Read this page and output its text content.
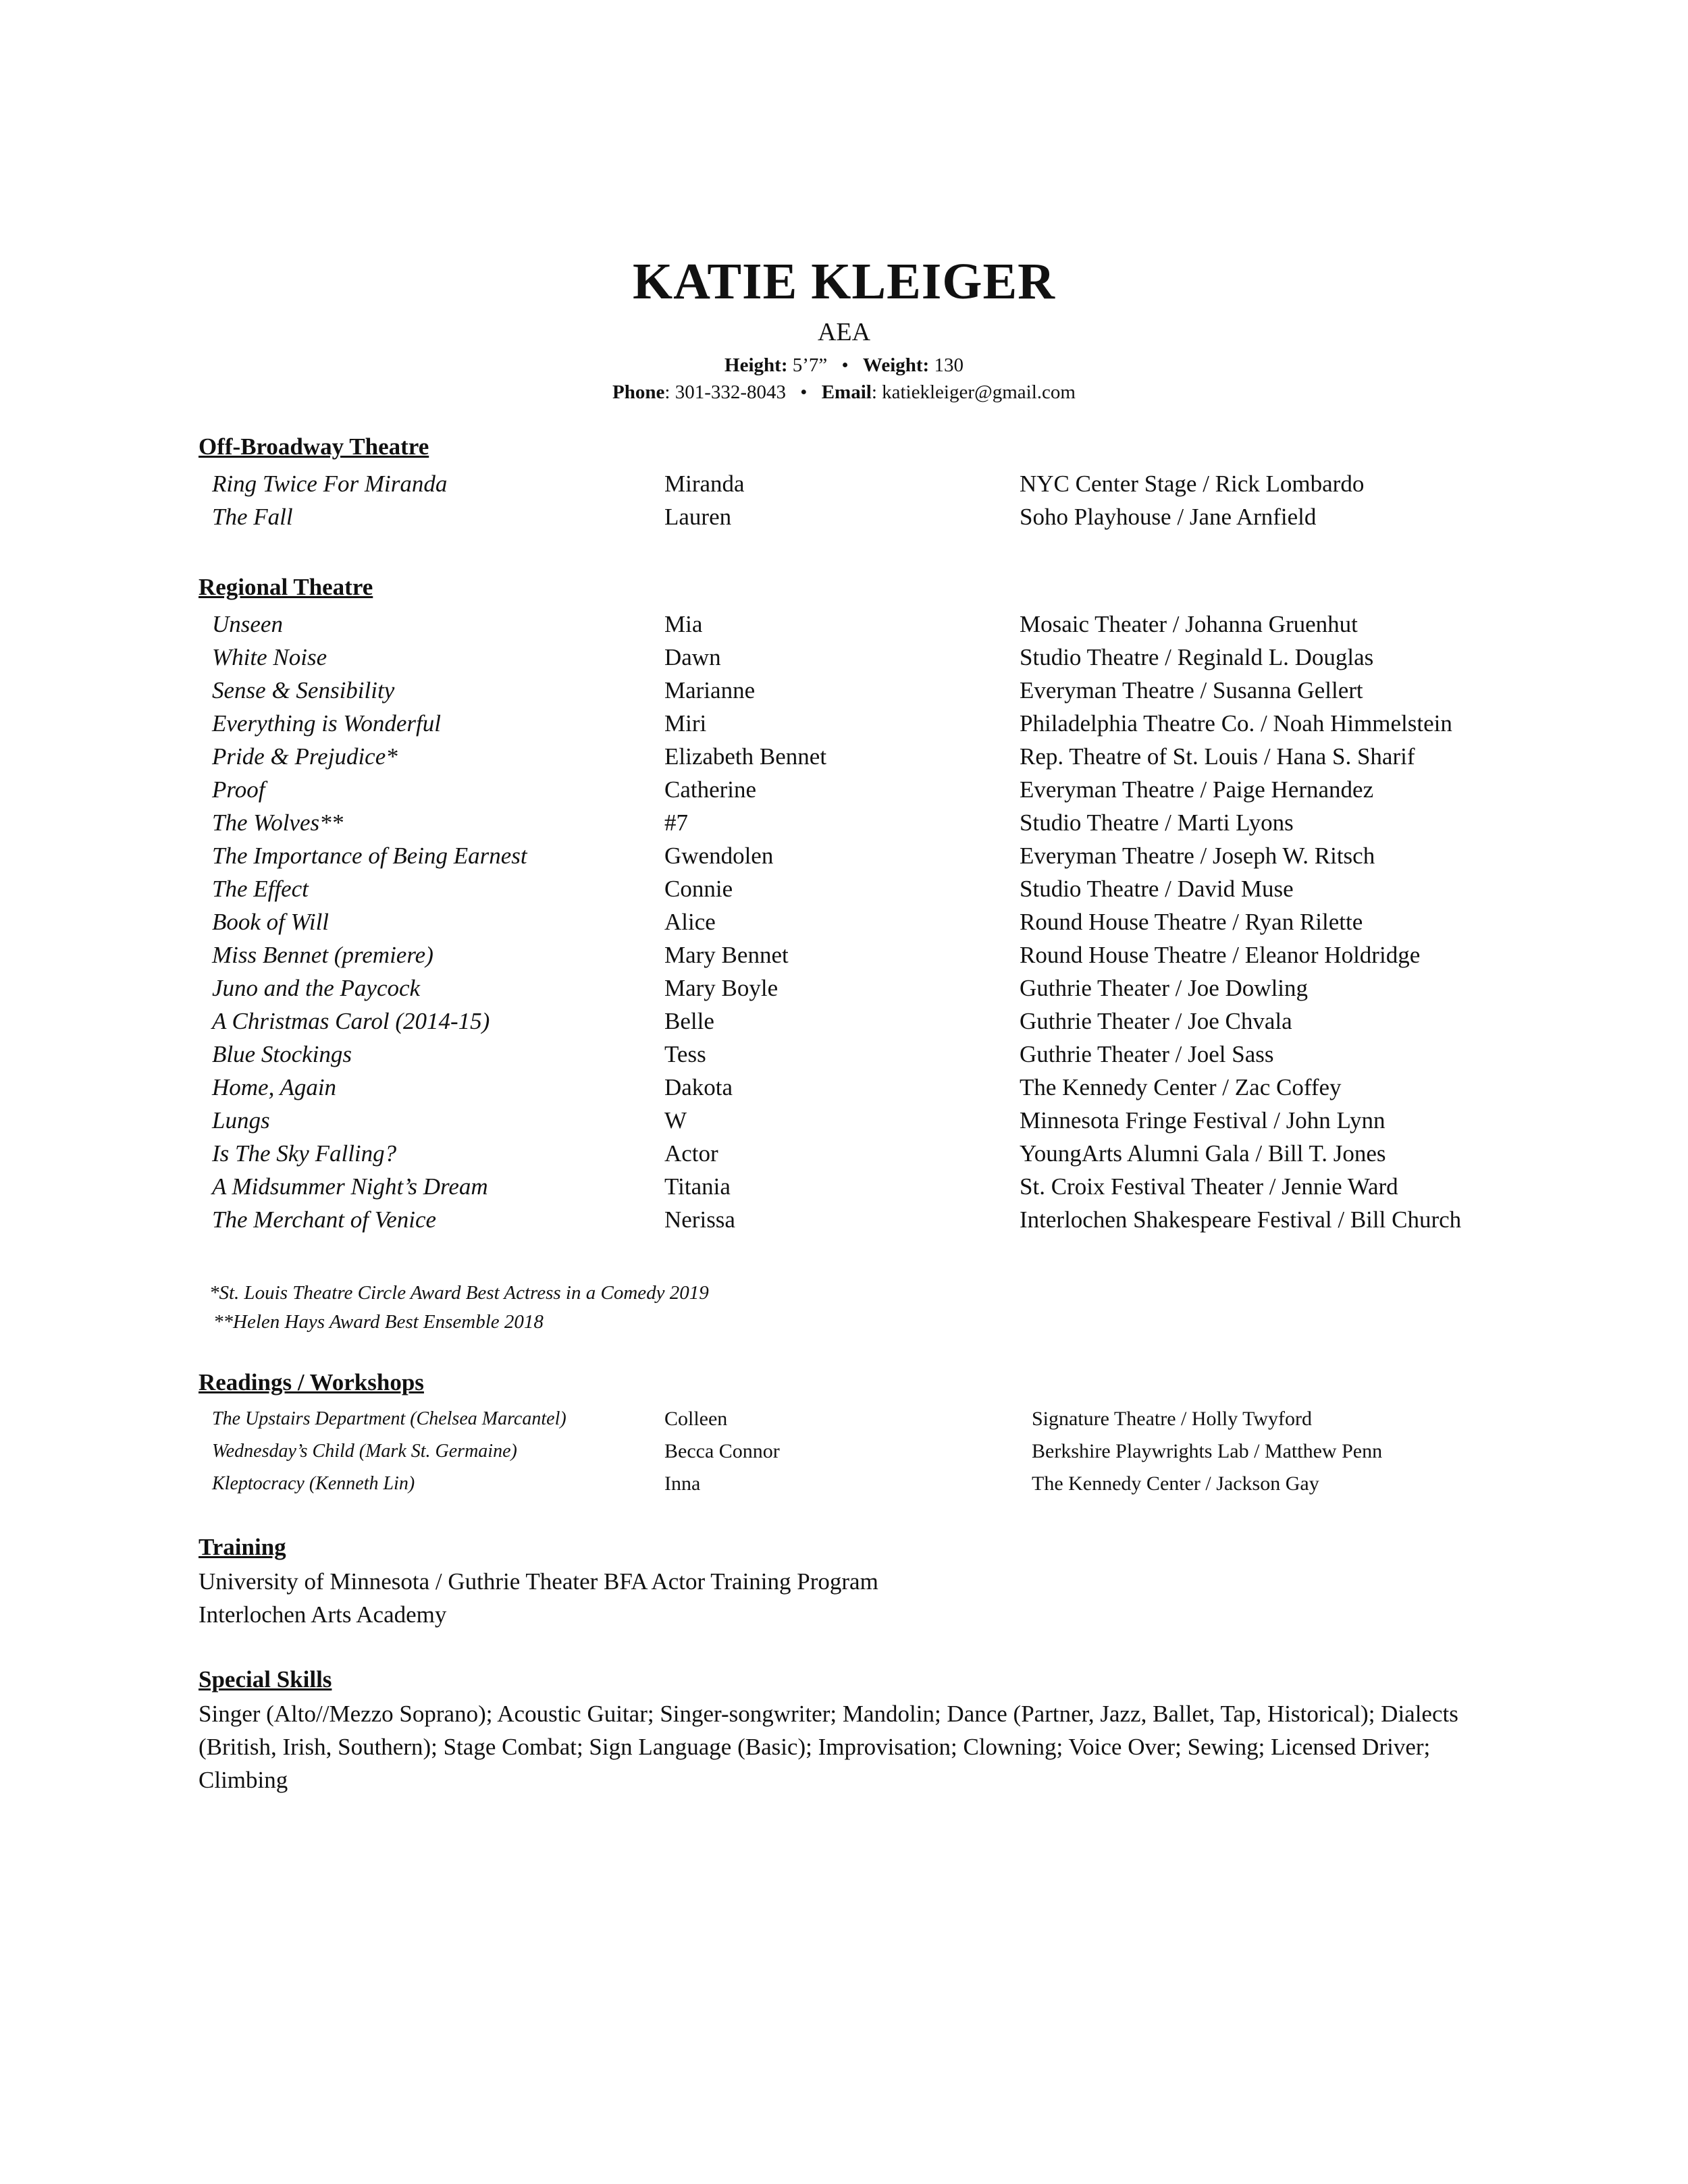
KATIE KLEIGER
AEA
Height: 5’7” • Weight: 130
Phone: 301-332-8043 • Email: katiekleiger@gmail.com
Off-Broadway Theatre
Ring Twice For Miranda	Miranda	NYC Center Stage / Rick Lombardo
The Fall	Lauren	Soho Playhouse / Jane Arnfield
Regional Theatre
Unseen	Mia	Mosaic Theater / Johanna Gruenhut
White Noise	Dawn	Studio Theatre / Reginald L. Douglas
Sense & Sensibility	Marianne	Everyman Theatre / Susanna Gellert
Everything is Wonderful	Miri	Philadelphia Theatre Co. / Noah Himmelstein
Pride & Prejudice*	Elizabeth Bennet	Rep. Theatre of St. Louis / Hana S. Sharif
Proof	Catherine	Everyman Theatre / Paige Hernandez
The Wolves**	#7	Studio Theatre / Marti Lyons
The Importance of Being Earnest	Gwendolen	Everyman Theatre / Joseph W. Ritsch
The Effect	Connie	Studio Theatre / David Muse
Book of Will	Alice	Round House Theatre / Ryan Rilette
Miss Bennet (premiere)	Mary Bennet	Round House Theatre / Eleanor Holdridge
Juno and the Paycock	Mary Boyle	Guthrie Theater / Joe Dowling
A Christmas Carol (2014-15)	Belle	Guthrie Theater / Joe Chvala
Blue Stockings	Tess	Guthrie Theater / Joel Sass
Home, Again	Dakota	The Kennedy Center / Zac Coffey
Lungs	W	Minnesota Fringe Festival / John Lynn
Is The Sky Falling?	Actor	YoungArts Alumni Gala / Bill T. Jones
A Midsummer Night’s Dream	Titania	St. Croix Festival Theater / Jennie Ward
The Merchant of Venice	Nerissa	Interlochen Shakespeare Festival / Bill Church
*St. Louis Theatre Circle Award Best Actress in a Comedy 2019
**Helen Hays Award Best Ensemble 2018
Readings / Workshops
The Upstairs Department (Chelsea Marcantel)	Colleen	Signature Theatre / Holly Twyford
Wednesday’s Child (Mark St. Germaine)	Becca Connor	Berkshire Playwrights Lab / Matthew Penn
Kleptocracy (Kenneth Lin)	Inna	The Kennedy Center / Jackson Gay
Training
University of Minnesota / Guthrie Theater BFA Actor Training Program
Interlochen Arts Academy
Special Skills
Singer (Alto//Mezzo Soprano); Acoustic Guitar; Singer-songwriter; Mandolin; Dance (Partner, Jazz, Ballet, Tap, Historical); Dialects (British, Irish, Southern); Stage Combat; Sign Language (Basic); Improvisation; Clowning; Voice Over; Sewing; Licensed Driver; Climbing
